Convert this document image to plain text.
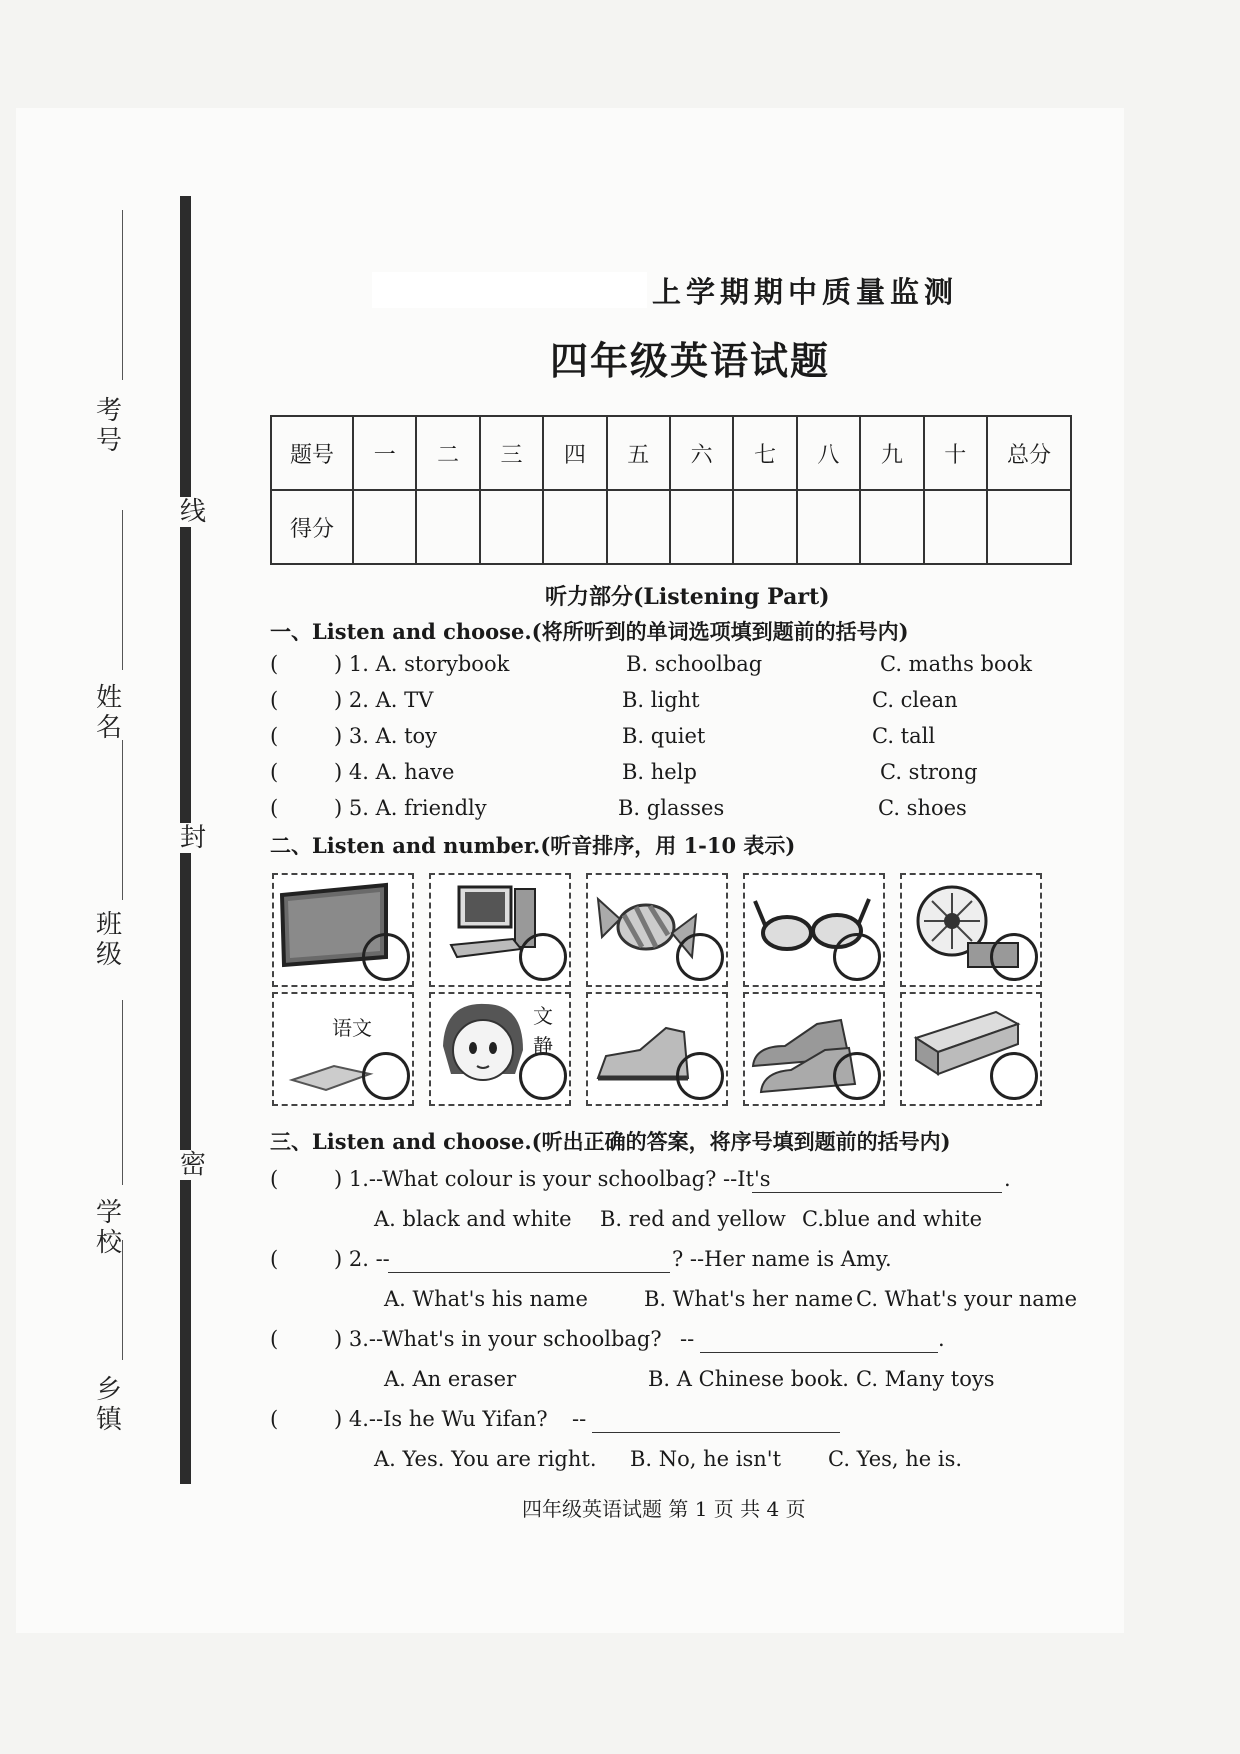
考号
姓名
班级
学校
乡镇
线
封
密
上学期期中质量监测
四年级英语试题
题号	一	二	三	四	五	六	七	八	九	十	总分
得分											
听力部分(Listening Part)
一、Listen and choose.(将所听到的单词选项填到题前的括号内)
(	) 1. A. storybook	B. schoolbag	C. maths book
(	) 2. A. TV	B. light	C. clean
(	) 3. A. toy	B. quiet	C. tall
(	) 4. A. have	B. help	C. strong
(	) 5. A. friendly	B. glasses	C. shoes
二、Listen and number.(听音排序，用 1-10 表示)
语文	文
静
三、Listen and choose.(听出正确的答案，将序号填到题前的括号内)
(	) 1.--What colour is your schoolbag? --It's	.
A. black and white B. red and yellow C.blue and white
(	) 2. --	? --Her name is Amy.
A. What's his name	B. What's her name C. What's your name
(	) 3.--What's in your schoolbag? --	.
A. An eraser	B. A Chinese book. C. Many toys
(	) 4.--Is he Wu Yifan? --
A. Yes. You are right. B. No, he isn't C. Yes, he is.
四年级英语试题 第 1 页 共 4 页
